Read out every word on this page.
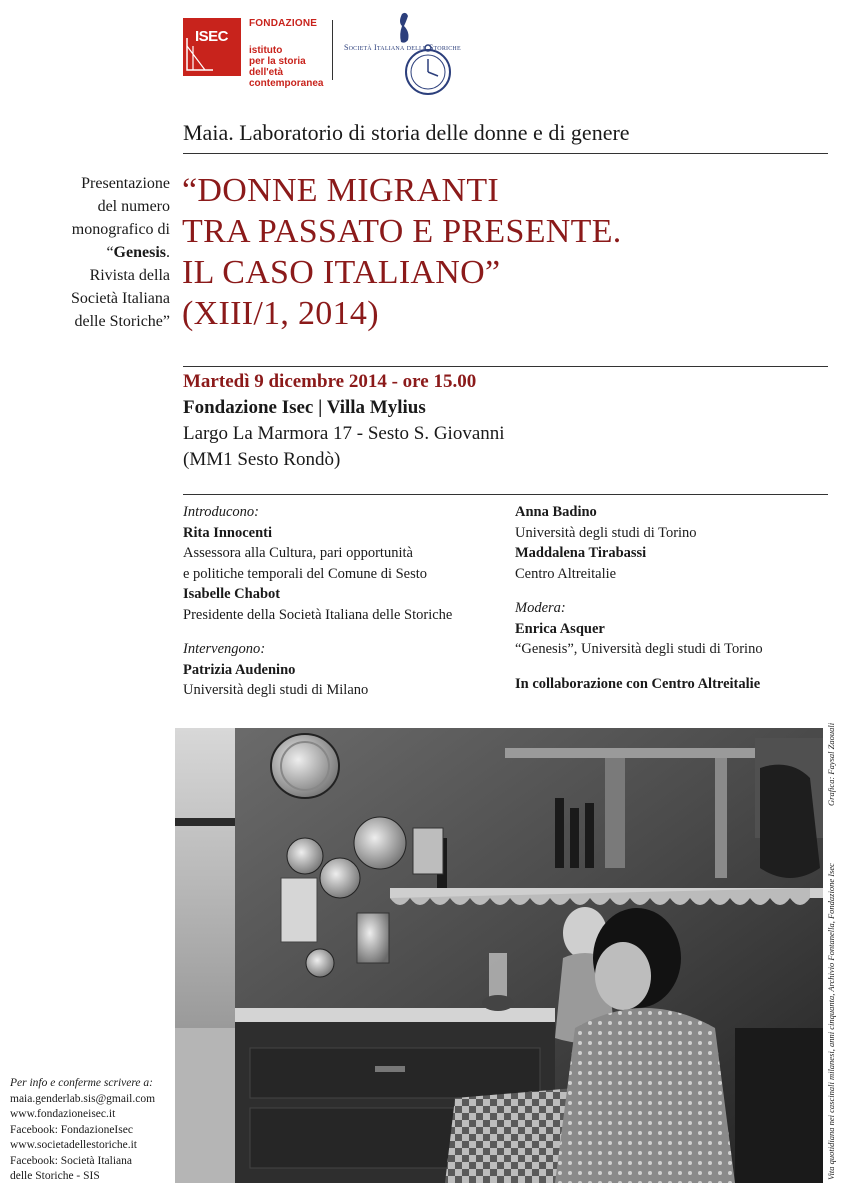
ISEC
FONDAZIONE
istituto
per la storia
dell'età
contemporanea
Società Italiana delle Storiche
Maia. Laboratorio di storia delle donne e di genere
“DONNE MIGRANTI
TRA PASSATO E PRESENTE.
IL CASO ITALIANO”
(XIII/1, 2014)
Presentazione
del numero
monografico di
“Genesis.
Rivista della
Società Italiana
delle Storiche”
Martedì 9 dicembre 2014 - ore 15.00
Fondazione Isec | Villa Mylius
Largo La Marmora 17 - Sesto S. Giovanni
(MM1 Sesto Rondò)
Introducono:
Rita Innocenti
Assessora alla Cultura, pari opportunità
e politiche temporali del Comune di Sesto
Isabelle Chabot
Presidente della Società Italiana delle Storiche
Intervengono:
Patrizia Audenino
Università degli studi di Milano
Anna Badino
Università degli studi di Torino
Maddalena Tirabassi
Centro Altreitalie
Modera:
Enrica Asquer
“Genesis”, Università degli studi di Torino
In collaborazione con Centro Altreitalie
Vita quotidiana nei cascinali milanesi, anni cinquanta, Archivio Fontanella, Fondazione Isec
Grafica: Faysal Zaouali
Per info e conferme scrivere a:
maia.genderlab.sis@gmail.com
www.fondazioneisec.it
Facebook: FondazioneIsec
www.societadellestoriche.it
Facebook: Società Italiana
delle Storiche - SIS
